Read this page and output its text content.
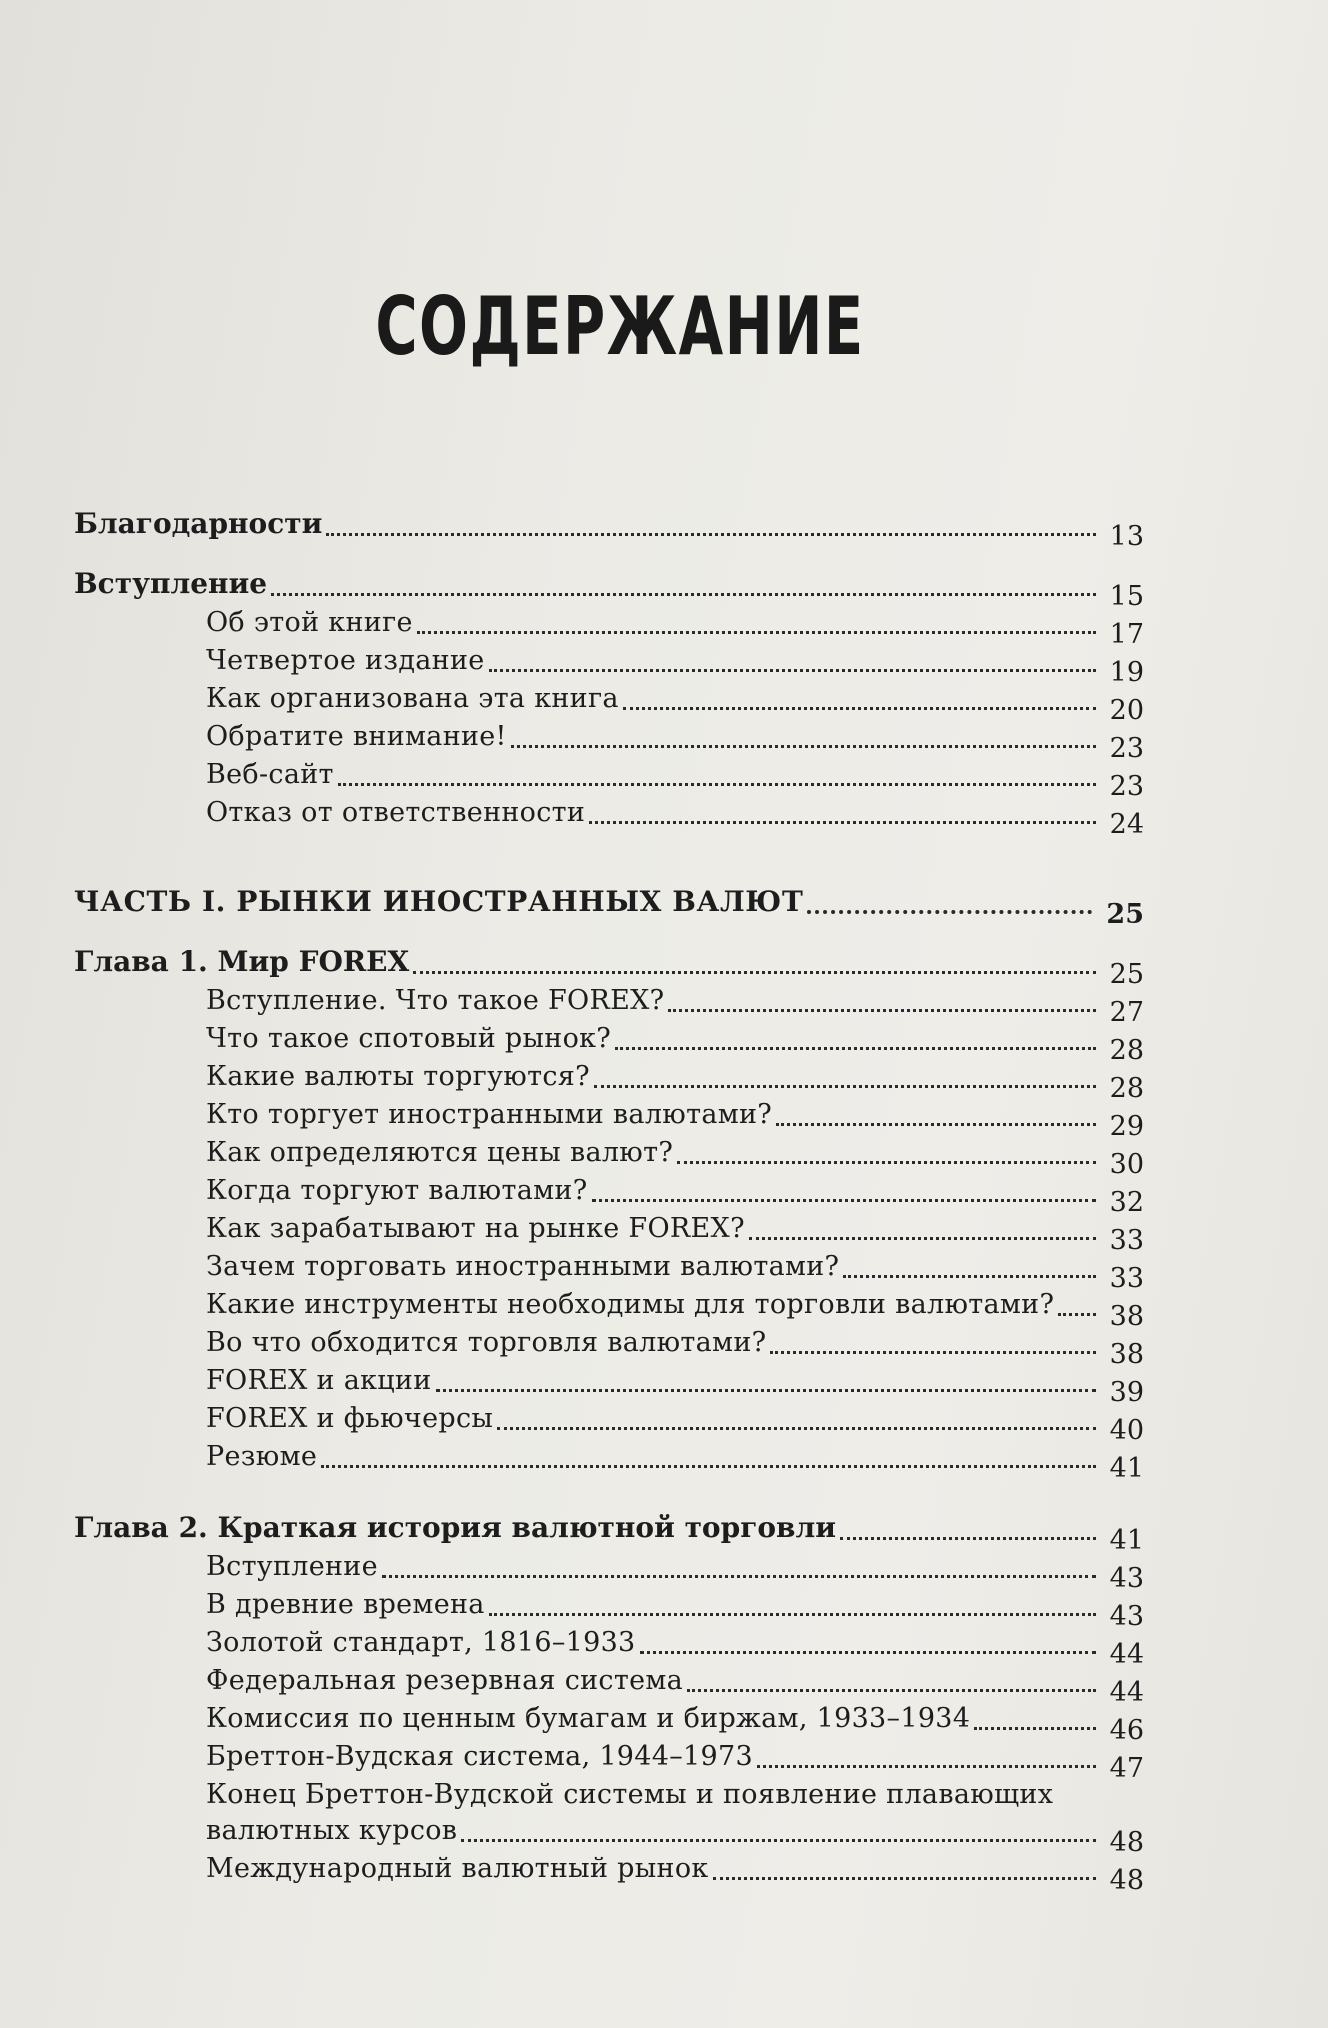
СОДЕРЖАНИЕ
Благодарности	13
Вступление	15
Об этой книге	17
Четвертое издание	19
Как организована эта книга	20
Обратите внимание!	23
Веб-сайт	23
Отказ от ответственности	24
ЧАСТЬ I. РЫНКИ ИНОСТРАННЫХ ВАЛЮТ	25
Глава 1. Мир FOREX	25
Вступление. Что такое FOREX?	27
Что такое спотовый рынок?	28
Какие валюты торгуются?	28
Кто торгует иностранными валютами?	29
Как определяются цены валют?	30
Когда торгуют валютами?	32
Как зарабатывают на рынке FOREX?	33
Зачем торговать иностранными валютами?	33
Какие инструменты необходимы для торговли валютами?	38
Во что обходится торговля валютами?	38
FOREX и акции	39
FOREX и фьючерсы	40
Резюме	41
Глава 2. Краткая история валютной торговли	41
Вступление	43
В древние времена	43
Золотой стандарт, 1816–1933	44
Федеральная резервная система	44
Комиссия по ценным бумагам и биржам, 1933–1934	46
Бреттон-Вудская система, 1944–1973	47
Конец Бреттон-Вудской системы и появление плавающих
валютных курсов	48
Международный валютный рынок	48
